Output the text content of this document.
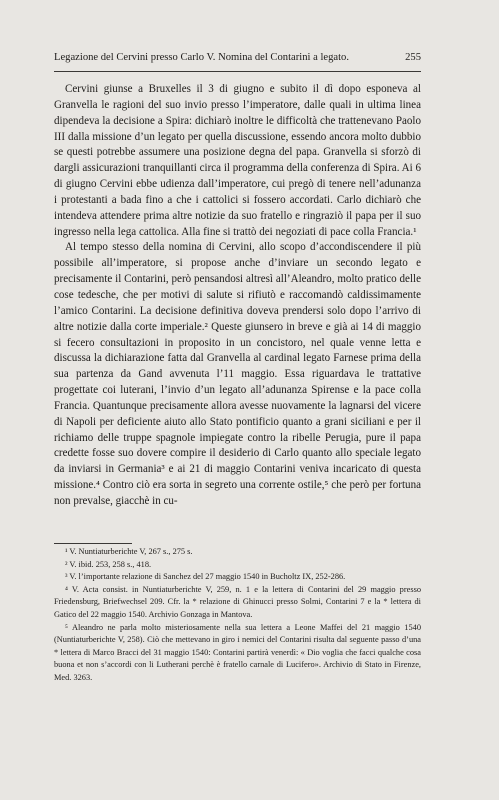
Legazione del Cervini presso Carlo V. Nomina del Contarini a legato.	255

Cervini giunse a Bruxelles il 3 di giugno e subito il dì dopo esponeva al Granvella le ragioni del suo invio presso l’imperatore, dalle quali in ultima linea dipendeva la decisione a Spira: dichiarò inoltre le difficoltà che trattenevano Paolo III dalla missione d’un legato per quella discussione, essendo ancora molto dubbio se questi potrebbe assumere una posizione degna del papa. Granvella si sforzò di dargli assicurazioni tranquillanti circa il programma della conferenza di Spira. Ai 6 di giugno Cervini ebbe udienza dall’imperatore, cui pregò di tenere nell’adunanza i protestanti a bada fino a che i cattolici si fossero accordati. Carlo dichiarò che intendeva attendere prima altre notizie da suo fratello e ringraziò il papa per il suo ingresso nella lega cattolica. Alla fine si trattò dei negoziati di pace colla Francia.¹

Al tempo stesso della nomina di Cervini, allo scopo d’accondiscendere il più possibile all’imperatore, si propose anche d’inviare un secondo legato e precisamente il Contarini, però pensandosi altresì all’Aleandro, molto pratico delle cose tedesche, che per motivi di salute si rifiutò e raccomandò caldissimamente l’amico Contarini. La decisione definitiva doveva prendersi solo dopo l’arrivo di altre notizie dalla corte imperiale.² Queste giunsero in breve e già ai 14 di maggio si fecero consultazioni in proposito in un concistoro, nel quale venne letta e discussa la dichiarazione fatta dal Granvella al cardinal legato Farnese prima della sua partenza da Gand avvenuta l’11 maggio. Essa riguardava le trattative progettate coi luterani, l’invio d’un legato all’adunanza Spirense e la pace colla Francia. Quantunque precisamente allora avesse nuovamente la lagnarsi del vicere di Napoli per deficiente aiuto allo Stato pontificio quanto a grani siciliani e per il richiamo delle truppe spagnole impiegate contro la ribelle Perugia, pure il papa credette fosse suo dovere compire il desiderio di Carlo quanto allo speciale legato da inviarsi in Germania³ e ai 21 di maggio Contarini veniva incaricato di questa missione.⁴ Contro ciò era sorta in segreto una corrente ostile,⁵ che però per fortuna non prevalse, giacchè in cu-

¹ V. Nuntiaturberichte V, 267 s., 275 s.

² V. ibid. 253, 258 s., 418.

³ V. l’importante relazione di Sanchez del 27 maggio 1540 in Bucholtz IX, 252-286.

⁴ V. Acta consist. in Nuntiaturberichte V, 259, n. 1 e la lettera di Contarini del 29 maggio presso Friedensburg, Briefwechsel 209. Cfr. la * relazione di Ghinucci presso Solmi, Contarini 7 e la * lettera di Gatico del 22 maggio 1540. Archivio Gonzaga in Mantova.

⁵ Aleandro ne parla molto misteriosamente nella sua lettera a Leone Maffei del 21 maggio 1540 (Nuntiaturberichte V, 258). Ciò che mettevano in giro i nemici del Contarini risulta dal seguente passo d’una * lettera di Marco Bracci del 31 maggio 1540: Contarini partirà venerdì: « Dio voglia che facci qualche cosa buona et non s’accordi con li Lutherani perchè è fratello carnale di Lucifero». Archivio di Stato in Firenze, Med. 3263.
